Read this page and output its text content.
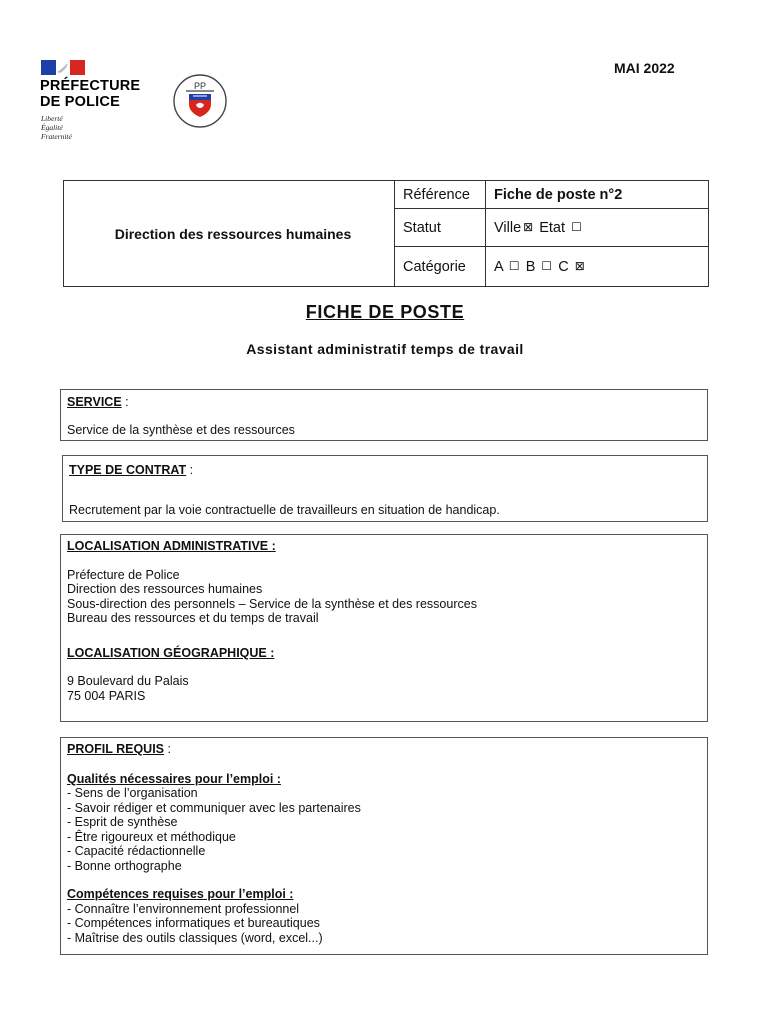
PRÉFECTURE
DE POLICE
Liberté
Égalité
Fraternité
PP
MAI 2022
Direction des ressources humaines	Référence	Fiche de poste n°2
	Statut	Ville ⊠ Etat ☐
	Catégorie	A ☐ B ☐ C ⊠
FICHE DE POSTE
Assistant administratif temps de travail

SERVICE :

Service de la synthèse et des ressources

TYPE DE CONTRAT :

Recrutement par la voie contractuelle de travailleurs en situation de handicap.

LOCALISATION ADMINISTRATIVE :

Préfecture de Police

Direction des ressources humaines

Sous-direction des personnels – Service de la synthèse et des ressources

Bureau des ressources et du temps de travail

LOCALISATION GÉOGRAPHIQUE :

9 Boulevard du Palais

75 004 PARIS

PROFIL REQUIS :

Qualités nécessaires pour l’emploi :

- Sens de l’organisation

- Savoir rédiger et communiquer avec les partenaires

- Esprit de synthèse

- Être rigoureux et méthodique

- Capacité rédactionnelle

- Bonne orthographe

Compétences requises pour l’emploi :

- Connaître l’environnement professionnel

- Compétences informatiques et bureautiques

- Maîtrise des outils classiques (word, excel...)
